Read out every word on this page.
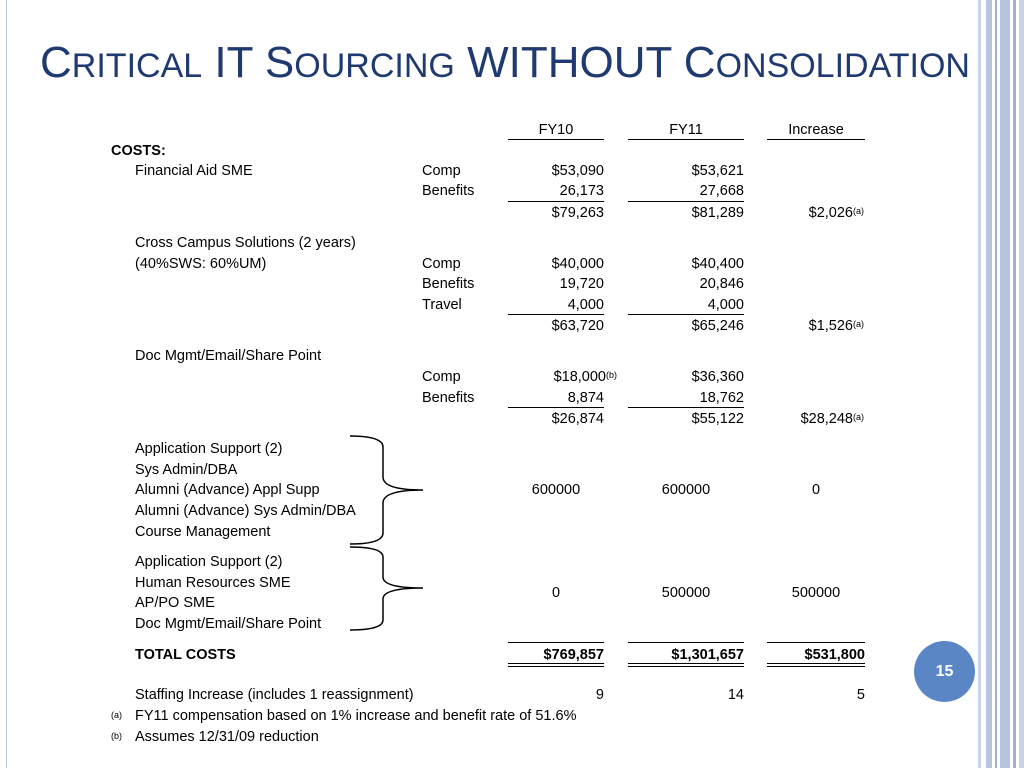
CRITICAL IT SOURCING WITHOUT CONSOLIDATION
FY10	FY11	Increase
COSTS:
Financial Aid SME	Comp	$53,090	$53,621
Benefits	26,173	27,668
$79,263	$81,289	$2,026$^{(a)}$
Cross Campus Solutions (2 years)
(40%SWS: 60%UM)	Comp	$40,000	$40,400
Benefits	19,720	20,846
Travel	4,000	4,000
$63,720	$65,246	$1,526$^{(a)}$
Doc Mgmt/Email/Share Point
Comp	$18,000$^{(b)}$	$36,360
Benefits	8,874	18,762
$26,874	$55,122	$28,248$^{(a)}$
Application Support (2)
Sys Admin/DBA
Alumni (Advance) Appl Supp
Alumni (Advance) Sys Admin/DBA
Course Management
600000	600000	0
Application Support (2)
Human Resources SME
AP/PO SME
Doc Mgmt/Email/Share Point
0	500000	500000
TOTAL COSTS	$769,857	$1,301,657	$531,800
Staffing Increase (includes 1 reassignment)	9	14	5
(a) FY11 compensation based on 1% increase and benefit rate of 51.6%
(b) Assumes 12/31/09 reduction
15
